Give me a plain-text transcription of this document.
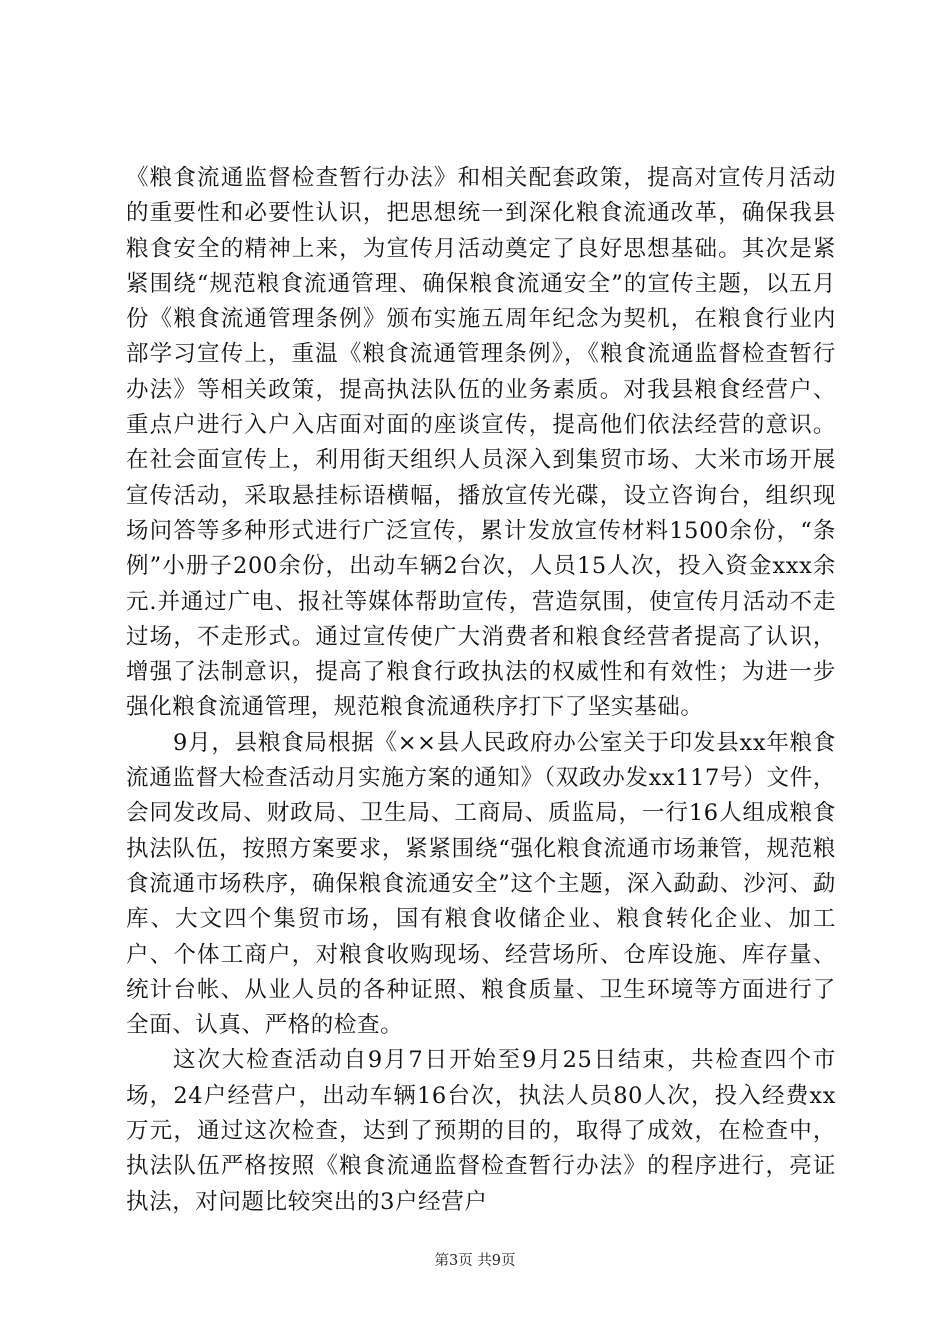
《粮食流通监督检查暂行办法》和相关配套政策，提高对宣传月活动的重要性和必要性认识，把思想统一到深化粮食流通改革，确保我县粮食安全的精神上来，为宣传月活动奠定了良好思想基础。其次是紧紧围绕“规范粮食流通管理、确保粮食流通安全”的宣传主题，以五月份《粮食流通管理条例》颁布实施五周年纪念为契机，在粮食行业内部学习宣传上，重温《粮食流通管理条例》，《粮食流通监督检查暂行办法》等相关政策，提高执法队伍的业务素质。对我县粮食经营户、重点户进行入户入店面对面的座谈宣传，提高他们依法经营的意识。在社会面宣传上，利用街天组织人员深入到集贸市场、大米市场开展宣传活动，采取悬挂标语横幅，播放宣传光碟，设立咨询台，组织现场问答等多种形式进行广泛宣传，累计发放宣传材料1500余份，“条例”小册子200余份，出动车辆2台次，人员15人次，投入资金xxx余元.并通过广电、报社等媒体帮助宣传，营造氛围，使宣传月活动不走过场，不走形式。通过宣传使广大消费者和粮食经营者提高了认识，增强了法制意识，提高了粮食行政执法的权威性和有效性；为进一步强化粮食流通管理，规范粮食流通秩序打下了坚实基础。

9月，县粮食局根据《××县人民政府办公室关于印发县xx年粮食流通监督大检查活动月实施方案的通知》（双政办发xx117号）文件，会同发改局、财政局、卫生局、工商局、质监局，一行16人组成粮食执法队伍，按照方案要求，紧紧围绕“强化粮食流通市场兼管，规范粮食流通市场秩序，确保粮食流通安全”这个主题，深入勐勐、沙河、勐库、大文四个集贸市场，国有粮食收储企业、粮食转化企业、加工户、个体工商户，对粮食收购现场、经营场所、仓库设施、库存量、统计台帐、从业人员的各种证照、粮食质量、卫生环境等方面进行了全面、认真、严格的检查。

这次大检查活动自9月7日开始至9月25日结束，共检查四个市场，24户经营户，出动车辆16台次，执法人员80人次，投入经费xx万元，通过这次检查，达到了预期的目的，取得了成效，在检查中，执法队伍严格按照《粮食流通监督检查暂行办法》的程序进行，亮证执法，对问题比较突出的3户经营户

第3页 共9页
